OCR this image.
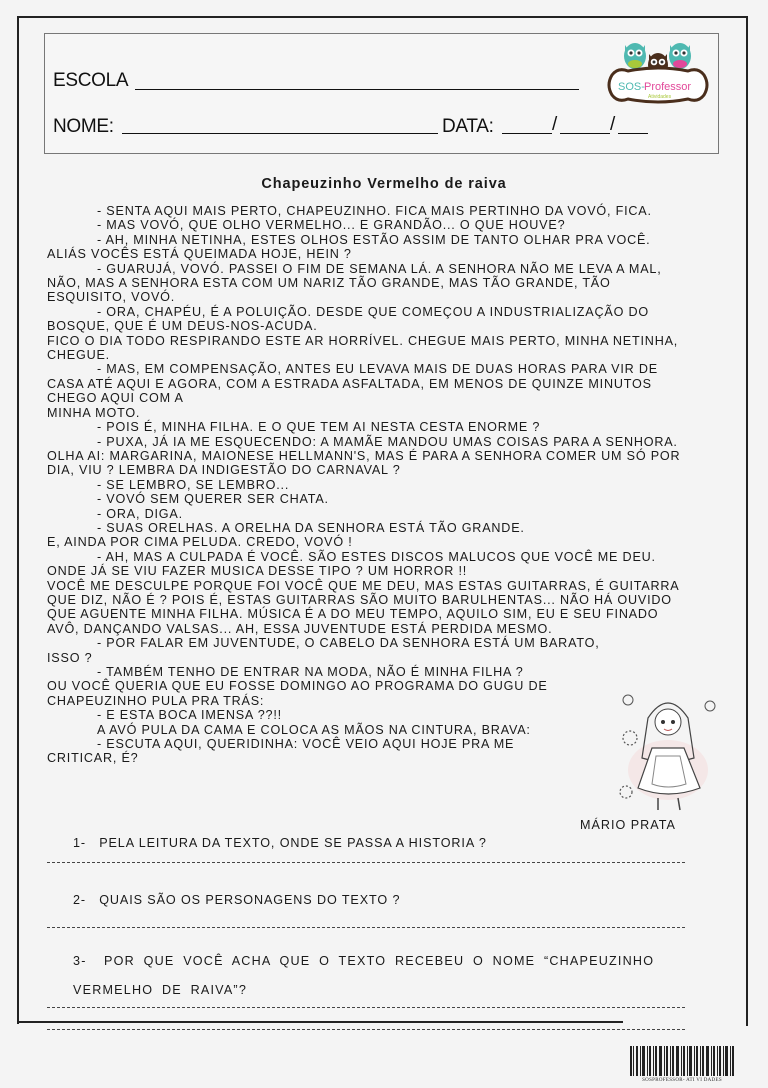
ESCOLA
NOME:	DATA:	/	/
SOS- Professor
Atividades
Chapeuzinho Vermelho de raiva

- SENTA AQUI MAIS PERTO, CHAPEUZINHO. FICA MAIS PERTINHO DA VOVÓ, FICA.

- MAS VOVÓ, QUE OLHO VERMELHO... E GRANDÃO... O QUE HOUVE?

- AH, MINHA NETINHA, ESTES OLHOS ESTÃO ASSIM DE TANTO OLHAR PRA VOCÊ. ALIÁS VOCÊS ESTÁ QUEIMADA HOJE, HEIN ?

- GUARUJÁ, VOVÓ. PASSEI O FIM DE SEMANA LÁ. A SENHORA NÃO ME LEVA A MAL, NÃO, MAS A SENHORA ESTA COM UM NARIZ TÃO GRANDE, MAS TÃO GRANDE, TÃO ESQUISITO, VOVÓ.

- ORA, CHAPÉU, É A POLUIÇÃO. DESDE QUE COMEÇOU A INDUSTRIALIZAÇÃO DO BOSQUE, QUE É UM DEUS-NOS-ACUDA.

FICO O DIA TODO RESPIRANDO ESTE AR HORRÍVEL. CHEGUE MAIS PERTO, MINHA NETINHA, CHEGUE.

- MAS, EM COMPENSAÇÃO, ANTES EU LEVAVA MAIS DE DUAS HORAS PARA VIR DE CASA ATÉ AQUI E AGORA, COM A ESTRADA ASFALTADA, EM MENOS DE QUINZE MINUTOS CHEGO AQUI COM A

MINHA MOTO.

- POIS É, MINHA FILHA. E O QUE TEM AI NESTA CESTA ENORME ?

- PUXA, JÁ IA ME ESQUECENDO: A MAMÃE MANDOU UMAS COISAS PARA A SENHORA. OLHA AI: MARGARINA, MAIONESE HELLMANN'S, MAS É PARA A SENHORA COMER UM SÓ POR DIA, VIU ? LEMBRA DA INDIGESTÃO DO CARNAVAL ?

- SE LEMBRO, SE LEMBRO...

- VOVÓ SEM QUERER SER CHATA.

- ORA, DIGA.

- SUAS ORELHAS. A ORELHA DA SENHORA ESTÁ TÃO GRANDE.

E, AINDA POR CIMA PELUDA. CREDO, VOVÓ !

- AH, MAS A CULPADA É VOCÊ. SÃO ESTES DISCOS MALUCOS QUE VOCÊ ME DEU. ONDE JÁ SE VIU FAZER MUSICA DESSE TIPO ? UM HORROR !!

VOCÊ ME DESCULPE PORQUE FOI VOCÊ QUE ME DEU, MAS ESTAS GUITARRAS, É GUITARRA QUE DIZ, NÃO É ? POIS É, ESTAS GUITARRAS SÃO MUITO BARULHENTAS... NÃO HÁ OUVIDO QUE AGUENTE MINHA FILHA. MÚSICA É A DO MEU TEMPO, AQUILO SIM, EU E SEU FINADO AVÔ, DANÇANDO VALSAS... AH, ESSA JUVENTUDE ESTÁ PERDIDA MESMO.

- POR FALAR EM JUVENTUDE, O CABELO DA SENHORA ESTÁ UM BARATO, ISSO ?

- TAMBÉM TENHO DE ENTRAR NA MODA, NÃO É MINHA FILHA ?

OU VOCÊ QUERIA QUE EU FOSSE DOMINGO AO PROGRAMA DO GUGU DE CHAPEUZINHO PULA PRA TRÁS:

- E ESTA BOCA IMENSA ??!!

A AVÓ PULA DA CAMA E COLOCA AS MÃOS NA CINTURA, BRAVA:

- ESCUTA AQUI, QUERIDINHA: VOCÊ VEIO AQUI HOJE PRA ME CRITICAR, É?

MÁRIO PRATA
1- PELA LEITURA DA TEXTO, ONDE SE PASSA A HISTORIA ?
2- QUAIS SÃO OS PERSONAGENS DO TEXTO ?
3- POR QUE VOCÊ ACHA QUE O TEXTO RECEBEU O NOME “CHAPEUZINHO VERMELHO DE RAIVA”?
SOSPROFESSOR- ATI VI DADES
